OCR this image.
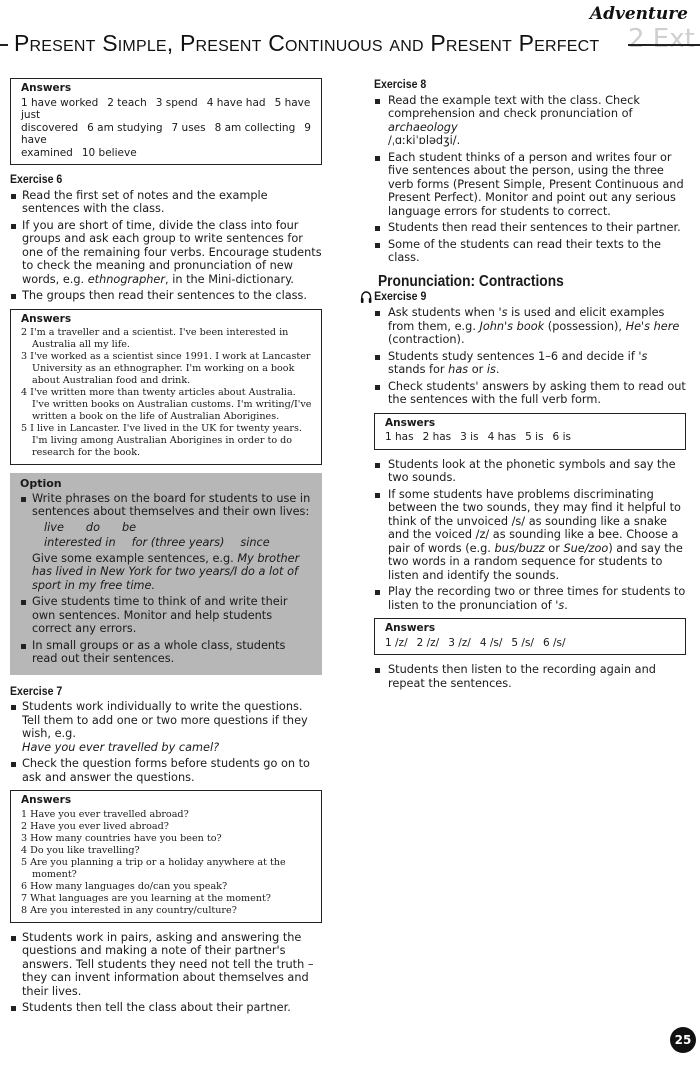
Adventure
Present Simple, Present Continuous and Present Perfect 2 Ext
Answers
1 have worked 2 teach 3 spend 4 have had 5 have just
discovered 6 am studying 7 uses 8 am collecting 9 have
examined 10 believe
Exercise 6
Read the first set of notes and the example sentences with the class.
If you are short of time, divide the class into four groups and ask each group to write sentences for one of the remaining four verbs. Encourage students to check the meaning and pronunciation of new words, e.g. ethnographer, in the Mini-dictionary.
The groups then read their sentences to the class.
Answers
2 I'm a traveller and a scientist. I've been interested in Australia all my life.
3 I've worked as a scientist since 1991. I work at Lancaster University as an ethnographer. I'm working on a book about Australian food and drink.
4 I've written more than twenty articles about Australia. I've written books on Australian customs. I'm writing/I've written a book on the life of Australian Aborigines.
5 I live in Lancaster. I've lived in the UK for twenty years. I'm living among Australian Aborigines in order to do research for the book.
Option
Write phrases on the board for students to use in sentences about themselves and their own lives:
live do be
interested in for (three years) since
Give some example sentences, e.g. My brother has lived in New York for two years/I do a lot of sport in my free time.
Give students time to think of and write their own sentences. Monitor and help students correct any errors.
In small groups or as a whole class, students read out their sentences.
Exercise 7
Students work individually to write the questions. Tell them to add one or two more questions if they wish, e.g.
Have you ever travelled by camel?
Check the question forms before students go on to ask and answer the questions.
Answers
1 Have you ever travelled abroad?
2 Have you ever lived abroad?
3 How many countries have you been to?
4 Do you like travelling?
5 Are you planning a trip or a holiday anywhere at the moment?
6 How many languages do/can you speak?
7 What languages are you learning at the moment?
8 Are you interested in any country/culture?
Students work in pairs, asking and answering the questions and making a note of their partner's answers. Tell students they need not tell the truth – they can invent information about themselves and their lives.
Students then tell the class about their partner.
Exercise 8
Read the example text with the class. Check comprehension and check pronunciation of archaeology
/ˌɑːkiˈɒlədʒi/.
Each student thinks of a person and writes four or five sentences about the person, using the three verb forms (Present Simple, Present Continuous and Present Perfect). Monitor and point out any serious language errors for students to correct.
Students then read their sentences to their partner.
Some of the students can read their texts to the class.
Pronunciation: Contractions
Exercise 9
Ask students when 's is used and elicit examples from them, e.g. John's book (possession), He's here (contraction).
Students study sentences 1–6 and decide if 's stands for has or is.
Check students' answers by asking them to read out the sentences with the full verb form.
Answers
1 has 2 has 3 is 4 has 5 is 6 is
Students look at the phonetic symbols and say the two sounds.
If some students have problems discriminating between the two sounds, they may find it helpful to think of the unvoiced /s/ as sounding like a snake and the voiced /z/ as sounding like a bee. Choose a pair of words (e.g. bus/buzz or Sue/zoo) and say the two words in a random sequence for students to listen and identify the sounds.
Play the recording two or three times for students to listen to the pronunciation of 's.
Answers
1 /z/ 2 /z/ 3 /z/ 4 /s/ 5 /s/ 6 /s/
Students then listen to the recording again and repeat the sentences.
25
